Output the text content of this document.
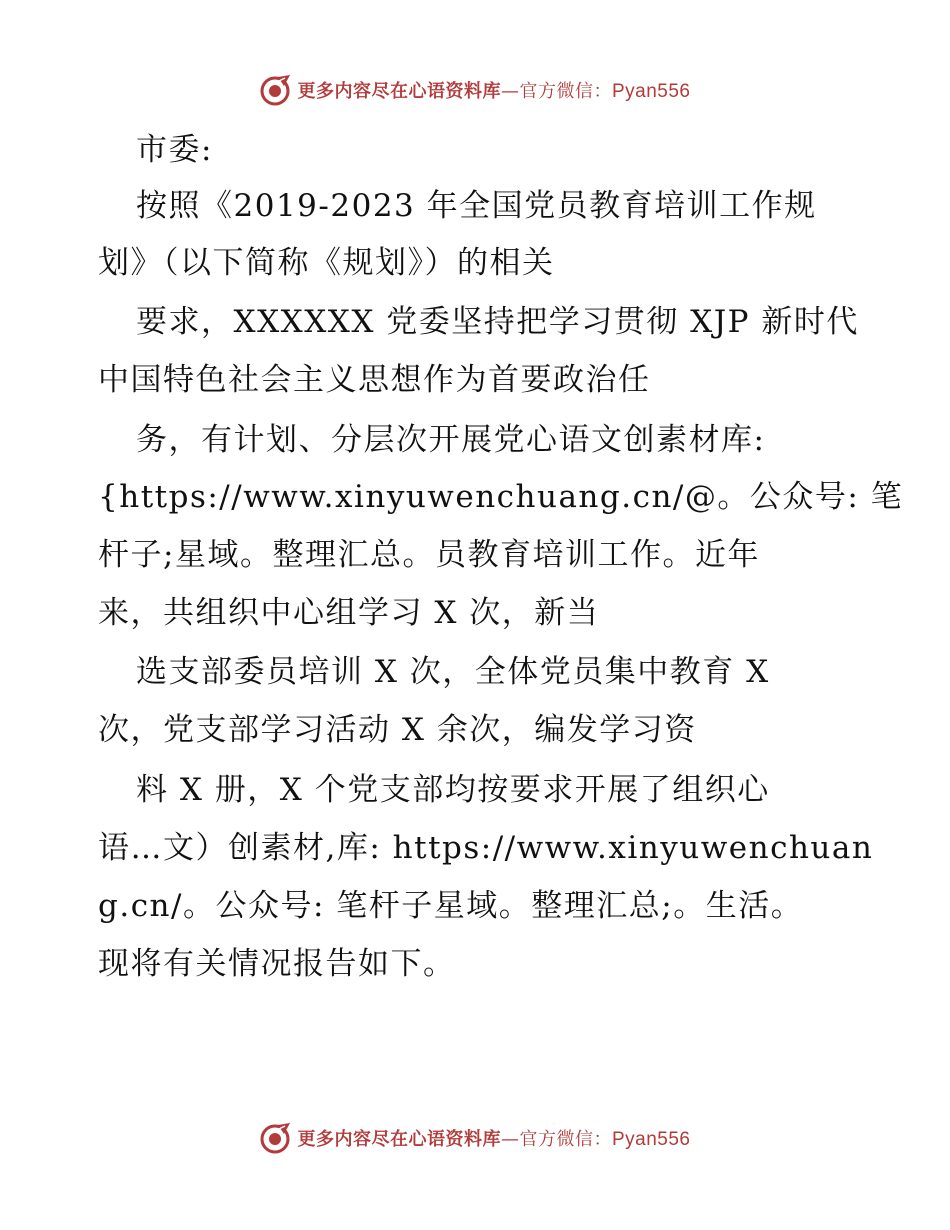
更多内容尽在心语资料库—官方微信：Pyan556
市委:
按照《2019-2023 年全国党员教育培训工作规
划》（以下简称《规划》）的相关
要求，XXXXXX 党委坚持把学习贯彻 XJP 新时代
中国特色社会主义思想作为首要政治任
务，有计划、分层次开展党心语文创素材库:
{https://www.xinyuwenchuang.cn/@。公众号: 笔
杆子;星域。整理汇总。员教育培训工作。近年
来，共组织中心组学习 X 次，新当
选支部委员培训 X 次，全体党员集中教育 X
次，党支部学习活动 X 余次，编发学习资
料 X 册，X 个党支部均按要求开展了组织心
语…文）创素材,库: https://www.xinyuwenchuan
g.cn/。公众号: 笔杆子星域。整理汇总;。生活。
现将有关情况报告如下。
更多内容尽在心语资料库—官方微信：Pyan556
